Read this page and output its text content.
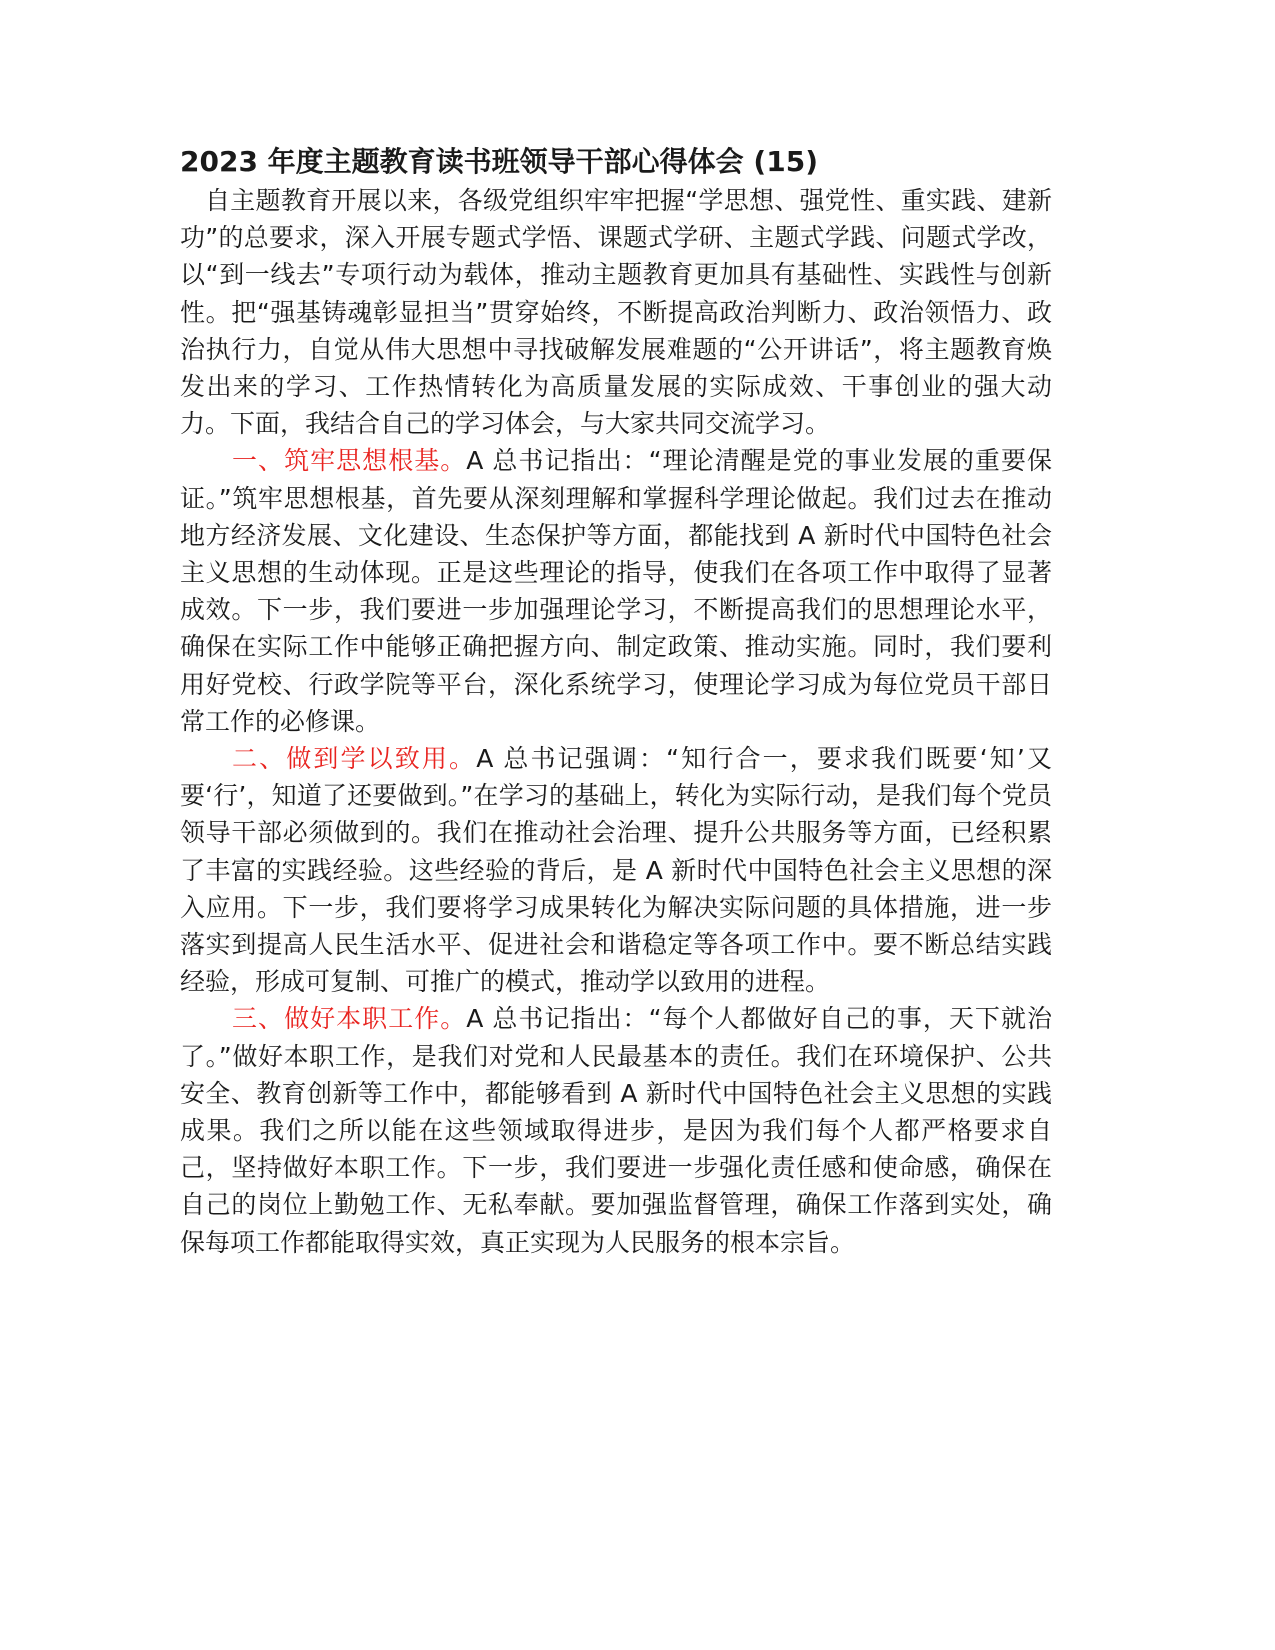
2023 年度主题教育读书班领导干部心得体会 (15)

自主题教育开展以来，各级党组织牢牢把握“学思想、强党性、重实践、建新功”的总要求，深入开展专题式学悟、课题式学研、主题式学践、问题式学改，以“到一线去”专项行动为载体，推动主题教育更加具有基础性、实践性与创新性。把“强基铸魂彰显担当”贯穿始终，不断提高政治判断力、政治领悟力、政治执行力，自觉从伟大思想中寻找破解发展难题的“公开讲话”，将主题教育焕发出来的学习、工作热情转化为高质量发展的实际成效、干事创业的强大动力。下面，我结合自己的学习体会，与大家共同交流学习。

一、筑牢思想根基。A 总书记指出：“理论清醒是党的事业发展的重要保证。”筑牢思想根基，首先要从深刻理解和掌握科学理论做起。我们过去在推动地方经济发展、文化建设、生态保护等方面，都能找到 A 新时代中国特色社会主义思想的生动体现。正是这些理论的指导，使我们在各项工作中取得了显著成效。下一步，我们要进一步加强理论学习，不断提高我们的思想理论水平，确保在实际工作中能够正确把握方向、制定政策、推动实施。同时，我们要利用好党校、行政学院等平台，深化系统学习，使理论学习成为每位党员干部日常工作的必修课。

二、做到学以致用。A 总书记强调：“知行合一，要求我们既要‘知’又要‘行’，知道了还要做到。”在学习的基础上，转化为实际行动，是我们每个党员领导干部必须做到的。我们在推动社会治理、提升公共服务等方面，已经积累了丰富的实践经验。这些经验的背后，是 A 新时代中国特色社会主义思想的深入应用。下一步，我们要将学习成果转化为解决实际问题的具体措施，进一步落实到提高人民生活水平、促进社会和谐稳定等各项工作中。要不断总结实践经验，形成可复制、可推广的模式，推动学以致用的进程。

三、做好本职工作。A 总书记指出：“每个人都做好自己的事，天下就治了。”做好本职工作，是我们对党和人民最基本的责任。我们在环境保护、公共安全、教育创新等工作中，都能够看到 A 新时代中国特色社会主义思想的实践成果。我们之所以能在这些领域取得进步，是因为我们每个人都严格要求自己，坚持做好本职工作。下一步，我们要进一步强化责任感和使命感，确保在自己的岗位上勤勉工作、无私奉献。要加强监督管理，确保工作落到实处，确保每项工作都能取得实效，真正实现为人民服务的根本宗旨。
